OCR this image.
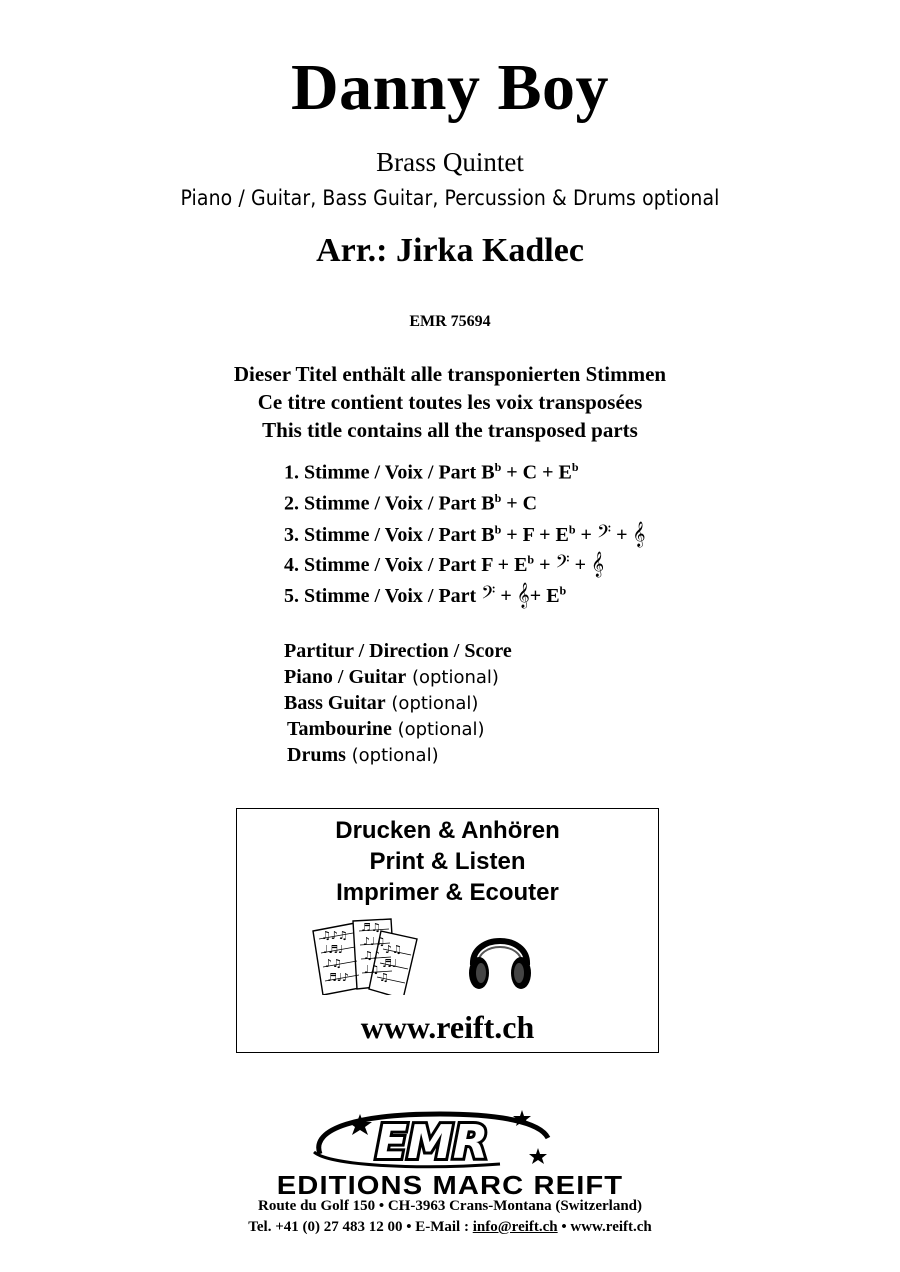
Danny Boy
Brass Quintet
Piano / Guitar, Bass Guitar, Percussion & Drums optional
Arr.: Jirka Kadlec
EMR 75694
Dieser Titel enthält alle transponierten Stimmen
Ce titre contient toutes les voix transposées
This title contains all the transposed parts
1. Stimme / Voix / Part $B^b + C + E^b$
2. Stimme / Voix / Part $B^b + C$
3. Stimme / Voix / Part $B^b + F + E^b$ + 𝄢 + 𝄞
4. Stimme / Voix / Part $F + E^b$ + 𝄢 + 𝄞
5. Stimme / Voix / Part 𝄢 + 𝄞+ $E^b$
Partitur / Direction / Score
Piano / Guitar (optional)
Bass Guitar (optional)
Tambourine (optional)
Drums (optional)
Drucken & Anhören
Print & Listen
Imprimer & Ecouter
♫♪♫
♩♬♩
♪♫
♬♩♪
♬♫
♪♩♫
♫♪
♩♫
♪♫
♬♩
♫
www.reift.ch
EMR
EDITIONS MARC REIFT
Route du Golf 150 • CH-3963 Crans-Montana (Switzerland)
Tel. +41 (0) 27 483 12 00 • E-Mail : info@reift.ch • www.reift.ch
